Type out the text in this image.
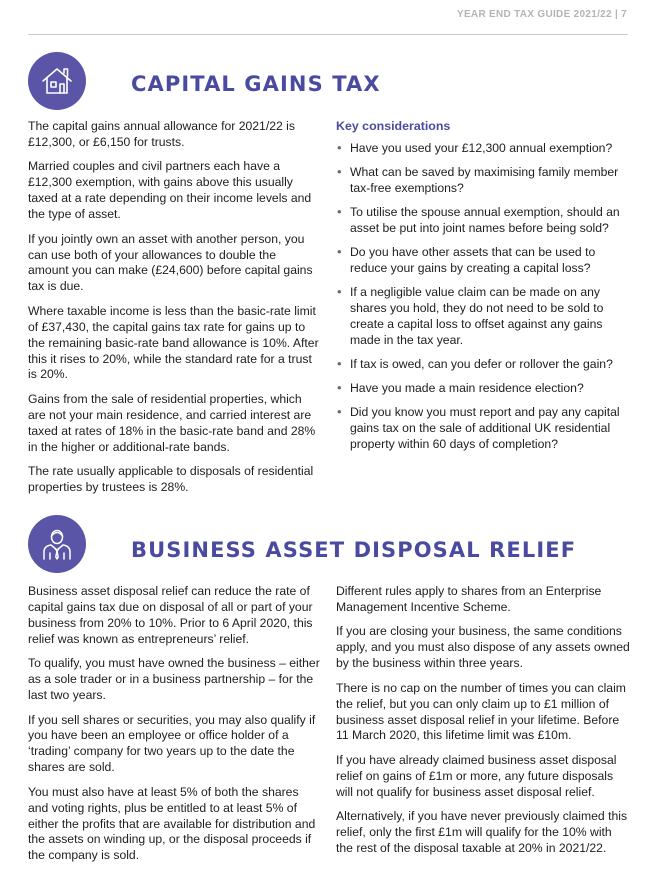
YEAR END TAX GUIDE 2021/22 | 7
CAPITAL GAINS TAX

The capital gains annual allowance for 2021/22 is £12,300, or £6,150 for trusts.

Married couples and civil partners each have a £12,300 exemption, with gains above this usually taxed at a rate depending on their income levels and the type of asset.

If you jointly own an asset with another person, you can use both of your allowances to double the amount you can make (£24,600) before capital gains tax is due.

Where taxable income is less than the basic-rate limit of £37,430, the capital gains tax rate for gains up to the remaining basic-rate band allowance is 10%. After this it rises to 20%, while the standard rate for a trust is 20%.

Gains from the sale of residential properties, which are not your main residence, and carried interest are taxed at rates of 18% in the basic-rate band and 28% in the higher or additional-rate bands.

The rate usually applicable to disposals of residential properties by trustees is 28%.

Key considerations
• Have you used your £12,300 annual exemption?
• What can be saved by maximising family member tax-free exemptions?
• To utilise the spouse annual exemption, should an asset be put into joint names before being sold?
• Do you have other assets that can be used to reduce your gains by creating a capital loss?
• If a negligible value claim can be made on any shares you hold, they do not need to be sold to create a capital loss to offset against any gains made in the tax year.
• If tax is owed, can you defer or rollover the gain?
• Have you made a main residence election?
• Did you know you must report and pay any capital gains tax on the sale of additional UK residential property within 60 days of completion?
BUSINESS ASSET DISPOSAL RELIEF

Business asset disposal relief can reduce the rate of capital gains tax due on disposal of all or part of your business from 20% to 10%. Prior to 6 April 2020, this relief was known as entrepreneurs’ relief.

To qualify, you must have owned the business – either as a sole trader or in a business partnership – for the last two years.

If you sell shares or securities, you may also qualify if you have been an employee or office holder of a ‘trading’ company for two years up to the date the shares are sold.

You must also have at least 5% of both the shares and voting rights, plus be entitled to at least 5% of either the profits that are available for distribution and the assets on winding up, or the disposal proceeds if the company is sold.

Different rules apply to shares from an Enterprise Management Incentive Scheme.

If you are closing your business, the same conditions apply, and you must also dispose of any assets owned by the business within three years.

There is no cap on the number of times you can claim the relief, but you can only claim up to £1 million of business asset disposal relief in your lifetime. Before 11 March 2020, this lifetime limit was £10m.

If you have already claimed business asset disposal relief on gains of £1m or more, any future disposals will not qualify for business asset disposal relief.

Alternatively, if you have never previously claimed this relief, only the first £1m will qualify for the 10% with the rest of the disposal taxable at 20% in 2021/22.
